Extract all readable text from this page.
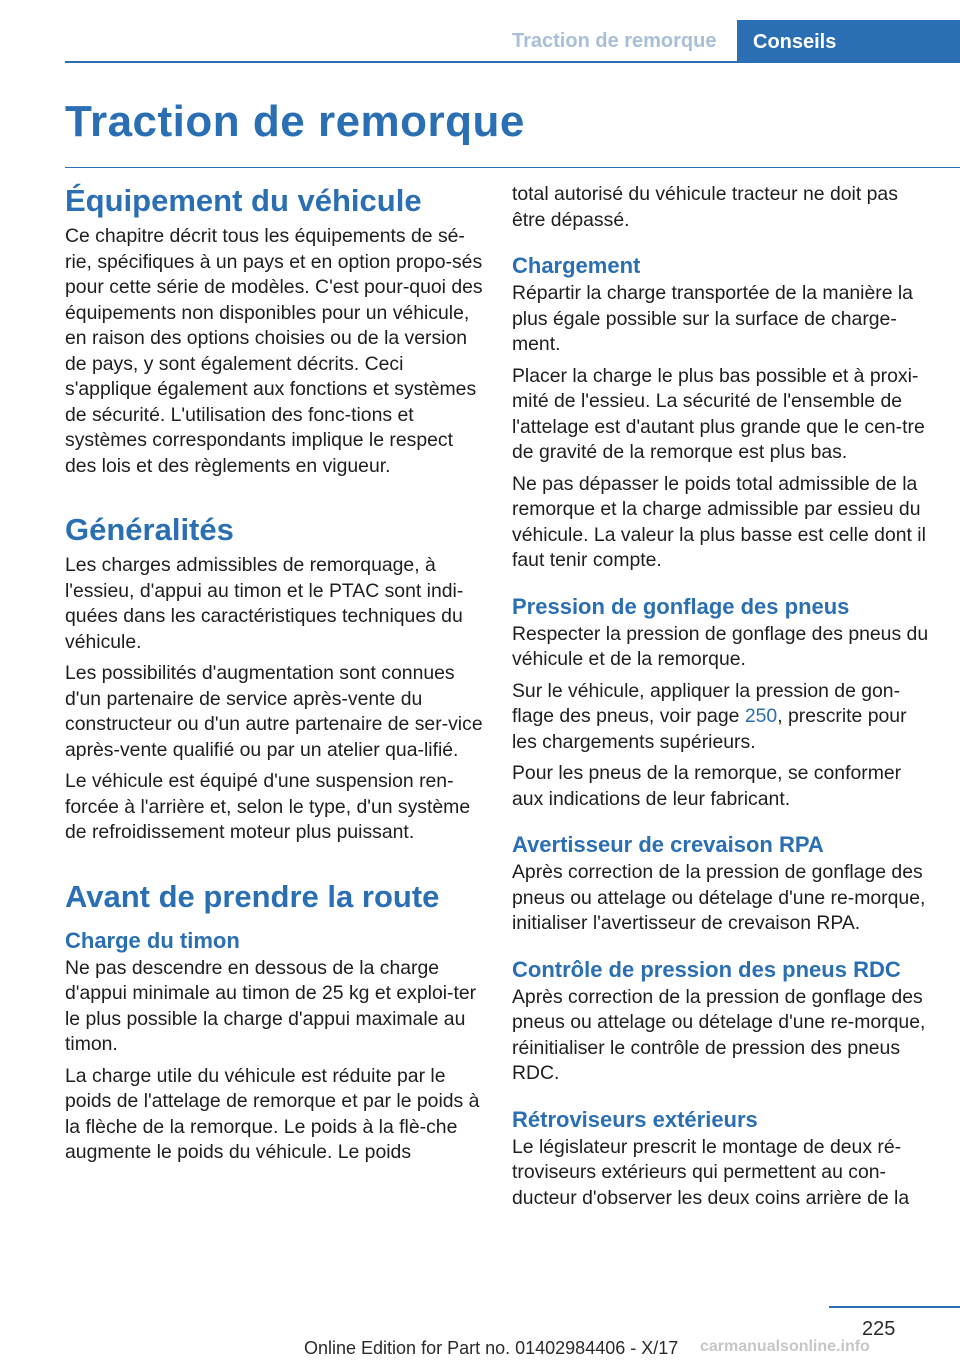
Traction de remorque	Conseils
Traction de remorque
Équipement du véhicule

Ce chapitre décrit tous les équipements de sé‐rie, spécifiques à un pays et en option propo‐sés pour cette série de modèles. C'est pour‐quoi des équipements non disponibles pour un véhicule, en raison des options choisies ou de la version de pays, y sont également décrits. Ceci s'applique également aux fonctions et systèmes de sécurité. L'utilisation des fonc‐tions et systèmes correspondants implique le respect des lois et des règlements en vigueur.

Généralités

Les charges admissibles de remorquage, à l'essieu, d'appui au timon et le PTAC sont indi‐quées dans les caractéristiques techniques du véhicule.

Les possibilités d'augmentation sont connues d'un partenaire de service après-vente du constructeur ou d'un autre partenaire de ser‐vice après-vente qualifié ou par un atelier qua‐lifié.

Le véhicule est équipé d'une suspension ren‐forcée à l'arrière et, selon le type, d'un système de refroidissement moteur plus puissant.

Avant de prendre la route
Charge du timon

Ne pas descendre en dessous de la charge d'appui minimale au timon de 25 kg et exploi‐ter le plus possible la charge d'appui maximale au timon.

La charge utile du véhicule est réduite par le poids de l'attelage de remorque et par le poids à la flèche de la remorque. Le poids à la flè‐che augmente le poids du véhicule. Le poids

total autorisé du véhicule tracteur ne doit pas être dépassé.

Chargement

Répartir la charge transportée de la manière la plus égale possible sur la surface de charge‐ment.

Placer la charge le plus bas possible et à proxi‐mité de l'essieu. La sécurité de l'ensemble de l'attelage est d'autant plus grande que le cen‐tre de gravité de la remorque est plus bas.

Ne pas dépasser le poids total admissible de la remorque et la charge admissible par essieu du véhicule. La valeur la plus basse est celle dont il faut tenir compte.

Pression de gonflage des pneus

Respecter la pression de gonflage des pneus du véhicule et de la remorque.

Sur le véhicule, appliquer la pression de gon‐flage des pneus, voir page 250, prescrite pour les chargements supérieurs.

Pour les pneus de la remorque, se conformer aux indications de leur fabricant.

Avertisseur de crevaison RPA

Après correction de la pression de gonflage des pneus ou attelage ou dételage d'une re‐morque, initialiser l'avertisseur de crevaison RPA.

Contrôle de pression des pneus RDC

Après correction de la pression de gonflage des pneus ou attelage ou dételage d'une re‐morque, réinitialiser le contrôle de pression des pneus RDC.

Rétroviseurs extérieurs

Le législateur prescrit le montage de deux ré‐troviseurs extérieurs qui permettent au con‐ducteur d'observer les deux coins arrière de la

225
Online Edition for Part no. 01402984406 - X/17 carmanualsonline.info
